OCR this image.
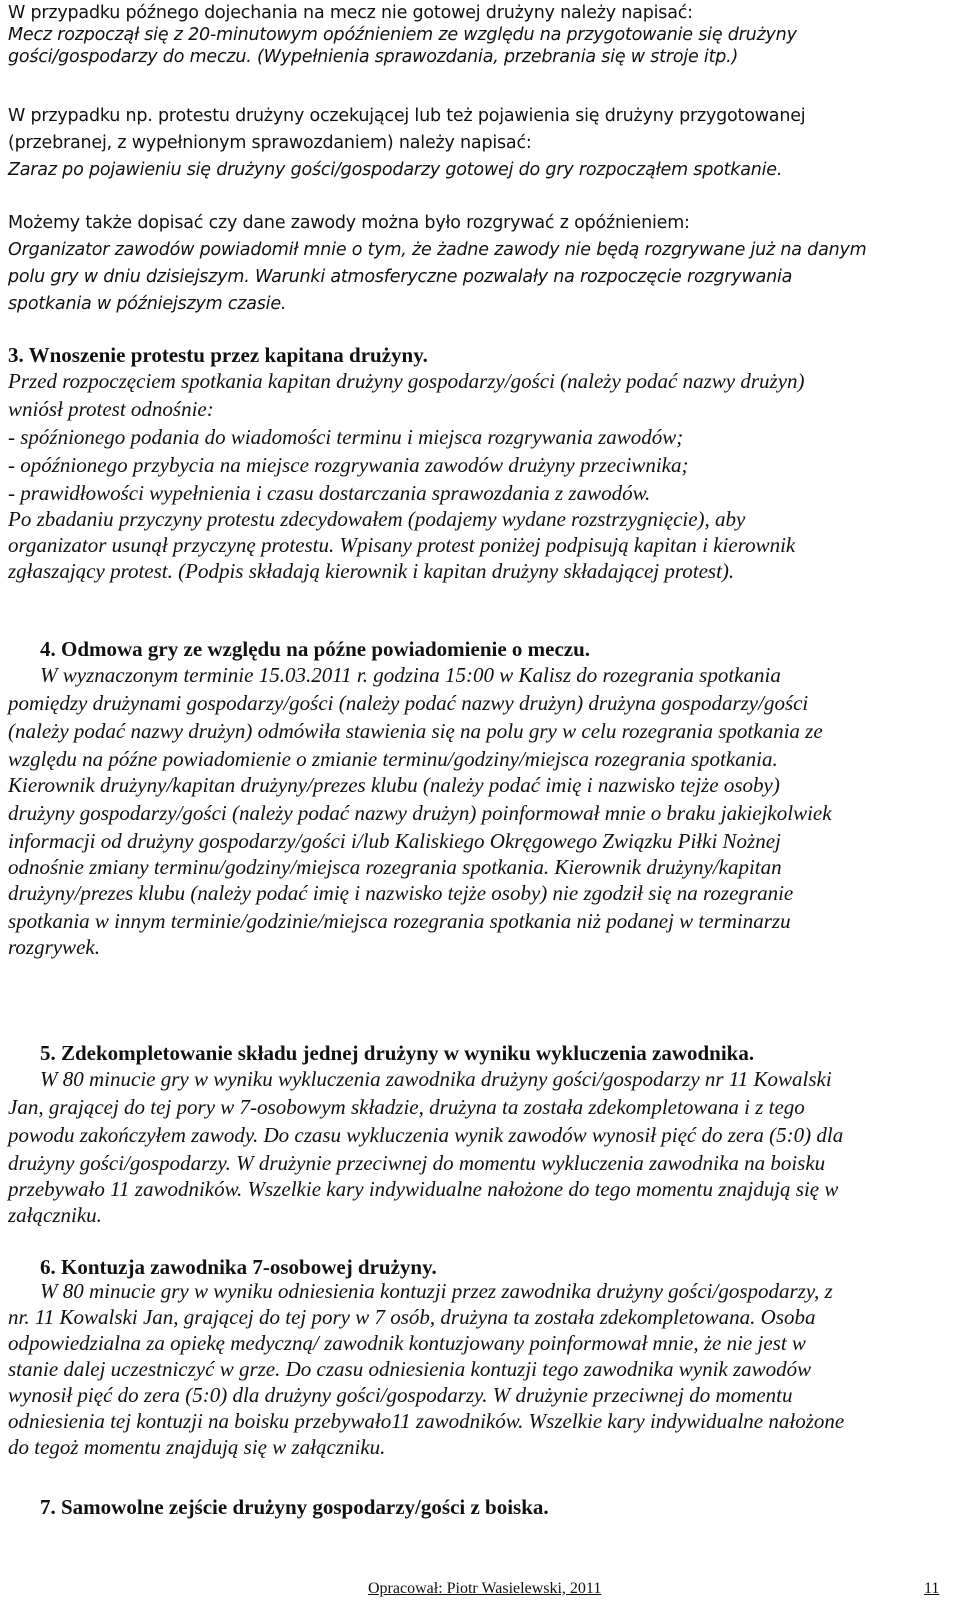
W przypadku późnego dojechania na mecz nie gotowej drużyny należy napisać:
Mecz rozpoczął się z 20-minutowym opóźnieniem ze względu na przygotowanie się drużyny
gości/gospodarzy do meczu. (Wypełnienia sprawozdania, przebrania się w stroje itp.)
W przypadku np. protestu drużyny oczekującej lub też pojawienia się drużyny przygotowanej
(przebranej, z wypełnionym sprawozdaniem) należy napisać:
Zaraz po pojawieniu się drużyny gości/gospodarzy gotowej do gry rozpocząłem spotkanie.
Możemy także dopisać czy dane zawody można było rozgrywać z opóźnieniem:
Organizator zawodów powiadomił mnie o tym, że żadne zawody nie będą rozgrywane już na danym
polu gry w dniu dzisiejszym. Warunki atmosferyczne pozwalały na rozpoczęcie rozgrywania
spotkania w późniejszym czasie.
3. Wnoszenie protestu przez kapitana drużyny.
Przed rozpoczęciem spotkania kapitan drużyny gospodarzy/gości (należy podać nazwy drużyn)
wniósł protest odnośnie:
- spóźnionego podania do wiadomości terminu i miejsca rozgrywania zawodów;
- opóźnionego przybycia na miejsce rozgrywania zawodów drużyny przeciwnika;
- prawidłowości wypełnienia i czasu dostarczania sprawozdania z zawodów.
Po zbadaniu przyczyny protestu zdecydowałem (podajemy wydane rozstrzygnięcie), aby
organizator usunął przyczynę protestu. Wpisany protest poniżej podpisują kapitan i kierownik
zgłaszający protest. (Podpis składają kierownik i kapitan drużyny składającej protest).
4. Odmowa gry ze względu na późne powiadomienie o meczu.
W wyznaczonym terminie 15.03.2011 r. godzina 15:00 w Kalisz do rozegrania spotkania
pomiędzy drużynami gospodarzy/gości (należy podać nazwy drużyn) drużyna gospodarzy/gości
(należy podać nazwy drużyn) odmówiła stawienia się na polu gry w celu rozegrania spotkania ze
względu na późne powiadomienie o zmianie terminu/godziny/miejsca rozegrania spotkania.
Kierownik drużyny/kapitan drużyny/prezes klubu (należy podać imię i nazwisko tejże osoby)
drużyny gospodarzy/gości (należy podać nazwy drużyn) poinformował mnie o braku jakiejkolwiek
informacji od drużyny gospodarzy/gości i/lub Kaliskiego Okręgowego Związku Piłki Nożnej
odnośnie zmiany terminu/godziny/miejsca rozegrania spotkania. Kierownik drużyny/kapitan
drużyny/prezes klubu (należy podać imię i nazwisko tejże osoby) nie zgodził się na rozegranie
spotkania w innym terminie/godzinie/miejsca rozegrania spotkania niż podanej w terminarzu
rozgrywek.
5. Zdekompletowanie składu jednej drużyny w wyniku wykluczenia zawodnika.
W 80 minucie gry w wyniku wykluczenia zawodnika drużyny gości/gospodarzy nr 11 Kowalski
Jan, grającej do tej pory w 7-osobowym składzie, drużyna ta została zdekompletowana i z tego
powodu zakończyłem zawody. Do czasu wykluczenia wynik zawodów wynosił pięć do zera (5:0) dla
drużyny gości/gospodarzy. W drużynie przeciwnej do momentu wykluczenia zawodnika na boisku
przebywało 11 zawodników. Wszelkie kary indywidualne nałożone do tego momentu znajdują się w
załączniku.
6. Kontuzja zawodnika 7-osobowej drużyny.
W 80 minucie gry w wyniku odniesienia kontuzji przez zawodnika drużyny gości/gospodarzy, z
nr. 11 Kowalski Jan, grającej do tej pory w 7 osób, drużyna ta została zdekompletowana. Osoba
odpowiedzialna za opiekę medyczną/ zawodnik kontuzjowany poinformował mnie, że nie jest w
stanie dalej uczestniczyć w grze. Do czasu odniesienia kontuzji tego zawodnika wynik zawodów
wynosił pięć do zera (5:0) dla drużyny gości/gospodarzy. W drużynie przeciwnej do momentu
odniesienia tej kontuzji na boisku przebywało11 zawodników. Wszelkie kary indywidualne nałożone
do tegoż momentu znajdują się w załączniku.
7. Samowolne zejście drużyny gospodarzy/gości z boiska.
Opracował: Piotr Wasielewski, 2011	11
